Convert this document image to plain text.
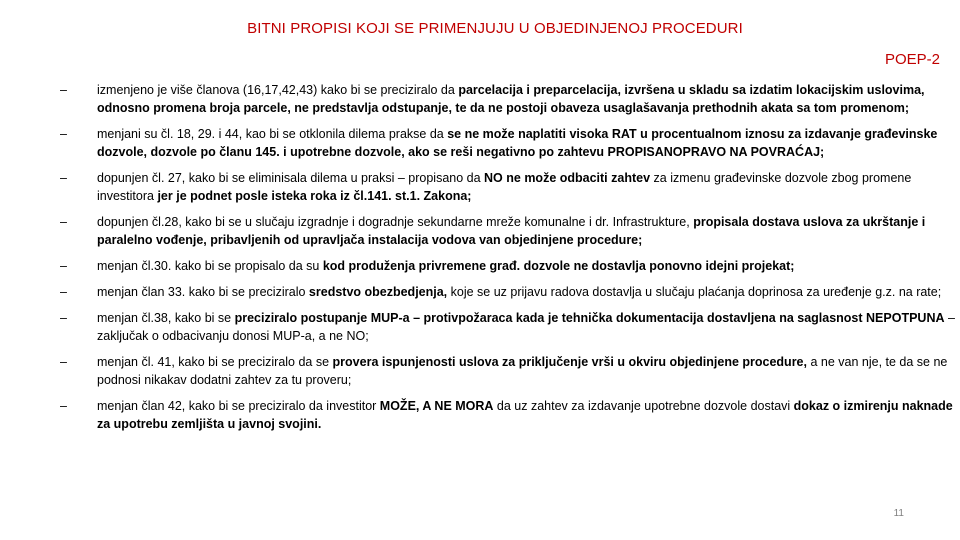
BITNI PROPISI KOJI SE PRIMENJUJU U OBJEDINJENOJ PROCEDURI
POEP-2
– izmenjeno je više članova (16,17,42,43) kako bi se preciziralo da parcelacija i preparcelacija, izvršena u skladu sa izdatim lokacijskim uslovima, odnosno promena broja parcele, ne predstavlja odstupanje, te da ne postoji obaveza usaglašavanja prethodnih akata sa tom promenom;
– menjani su čl. 18, 29. i 44, kao bi se otklonila dilema prakse da se ne može naplatiti visoka RAT u procentualnom iznosu za izdavanje građevinske dozvole, dozvole po članu 145. i upotrebne dozvole, ako se reši negativno po zahtevu PROPISANOPRAVO NA POVRAĆAJ;
– dopunjen čl. 27, kako bi se eliminisala dilema u praksi – propisano da NO ne može odbaciti zahtev za izmenu građevinske dozvole zbog promene investitora jer je podnet posle isteka roka iz čl.141. st.1. Zakona;
– dopunjen čl.28, kako bi se u slučaju izgradnje i dogradnje sekundarne mreže komunalne i dr. Infrastrukture, propisala dostava uslova za ukrštanje i paralelno vođenje, pribavljenih od upravljača instalacija vodova van objedinjene procedure;
– menjan čl.30. kako bi se propisalo da su kod produženja privremene građ. dozvole ne dostavlja ponovno idejni projekat;
– menjan član 33. kako bi se preciziralo sredstvo obezbedjenja, koje se uz prijavu radova dostavlja u slučaju plaćanja doprinosa za uređenje g.z. na rate;
– menjan čl.38, kako bi se preciziralo postupanje MUP-a – protivpožaraca kada je tehnička dokumentacija dostavljena na saglasnost NEPOTPUNA – zaključak o odbacivanju donosi MUP-a, a ne NO;
– menjan čl. 41, kako bi se preciziralo da se provera ispunjenosti uslova za priključenje vrši u okviru objedinjene procedure, a ne van nje, te da se ne podnosi nikakav dodatni zahtev za tu proveru;
– menjan član 42, kako bi se preciziralo da investitor MOŽE, A NE MORA da uz zahtev za izdavanje upotrebne dozvole dostavi dokaz o izmirenju naknade za upotrebu zemljišta u javnoj svojini.
11
